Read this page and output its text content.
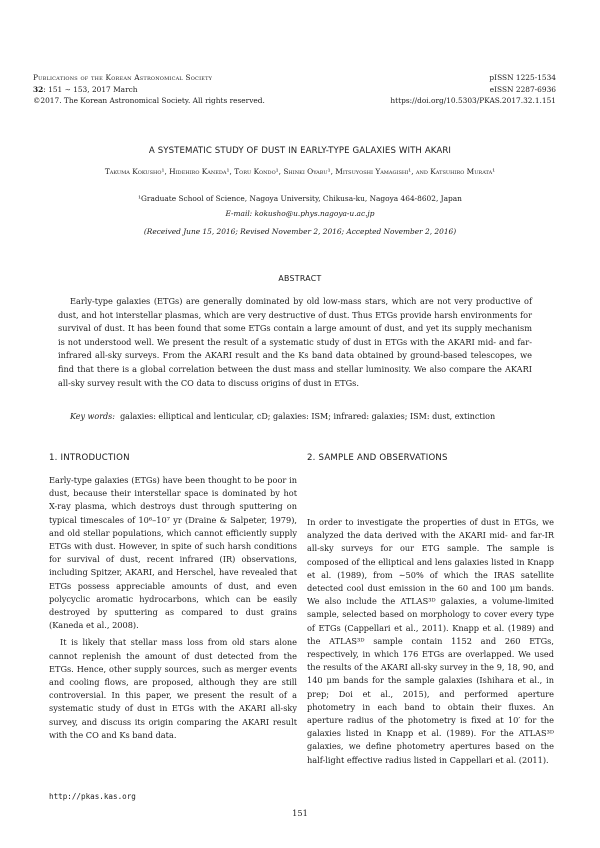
Publications of the Korean Astronomical Society
32: 151 ∼ 153, 2017 March
©2017. The Korean Astronomical Society. All rights reserved.
pISSN 1225-1534
eISSN 2287-6936
https://doi.org/10.5303/PKAS.2017.32.1.151
A SYSTEMATIC STUDY OF DUST IN EARLY-TYPE GALAXIES WITH AKARI
Takuma Kokusho¹, Hidehiro Kaneda¹, Toru Kondo¹, Shinki Oyabu¹, Mitsuyoshi Yamagishi¹, and Katsuhiro Murata¹
¹Graduate School of Science, Nagoya University, Chikusa-ku, Nagoya 464-8602, Japan
E-mail: kokusho@u.phys.nagoya-u.ac.jp
(Received June 15, 2016; Revised November 2, 2016; Accepted November 2, 2016)
ABSTRACT
Early-type galaxies (ETGs) are generally dominated by old low-mass stars, which are not very productive of dust, and hot interstellar plasmas, which are very destructive of dust. Thus ETGs provide harsh environments for survival of dust. It has been found that some ETGs contain a large amount of dust, and yet its supply mechanism is not understood well. We present the result of a systematic study of dust in ETGs with the AKARI mid- and far-infrared all-sky surveys. From the AKARI result and the Ks band data obtained by ground-based telescopes, we find that there is a global correlation between the dust mass and stellar luminosity. We also compare the AKARI all-sky survey result with the CO data to discuss origins of dust in ETGs.
Key words: galaxies: elliptical and lenticular, cD; galaxies: ISM; infrared: galaxies; ISM: dust, extinction
1. INTRODUCTION	2. SAMPLE AND OBSERVATIONS

Early-type galaxies (ETGs) have been thought to be poor in dust, because their interstellar space is dominated by hot X-ray plasma, which destroys dust through sputtering on typical timescales of 10⁶–10⁷ yr (Draine & Salpeter, 1979), and old stellar populations, which cannot efficiently supply ETGs with dust. However, in spite of such harsh conditions for survival of dust, recent infrared (IR) observations, including Spitzer, AKARI, and Herschel, have revealed that ETGs possess appreciable amounts of dust, and even polycyclic aromatic hydrocarbons, which can be easily destroyed by sputtering as compared to dust grains (Kaneda et al., 2008).

It is likely that stellar mass loss from old stars alone cannot replenish the amount of dust detected from the ETGs. Hence, other supply sources, such as merger events and cooling flows, are proposed, although they are still controversial. In this paper, we present the result of a systematic study of dust in ETGs with the AKARI all-sky survey, and discuss its origin comparing the AKARI result with the CO and Ks band data.

In order to investigate the properties of dust in ETGs, we analyzed the data derived with the AKARI mid- and far-IR all-sky surveys for our ETG sample. The sample is composed of the elliptical and lens galaxies listed in Knapp et al. (1989), from ∼50% of which the IRAS satellite detected cool dust emission in the 60 and 100 μm bands. We also include the ATLAS³ᴰ galaxies, a volume-limited sample, selected based on morphology to cover every type of ETGs (Cappellari et al., 2011). Knapp et al. (1989) and the ATLAS³ᴰ sample contain 1152 and 260 ETGs, respectively, in which 176 ETGs are overlapped. We used the results of the AKARI all-sky survey in the 9, 18, 90, and 140 μm bands for the sample galaxies (Ishihara et al., in prep; Doi et al., 2015), and performed aperture photometry in each band to obtain their fluxes. An aperture radius of the photometry is fixed at 10′ for the galaxies listed in Knapp et al. (1989). For the ATLAS³ᴰ galaxies, we define photometry apertures based on the half-light effective radius listed in Cappellari et al. (2011).

http://pkas.kas.org
151
